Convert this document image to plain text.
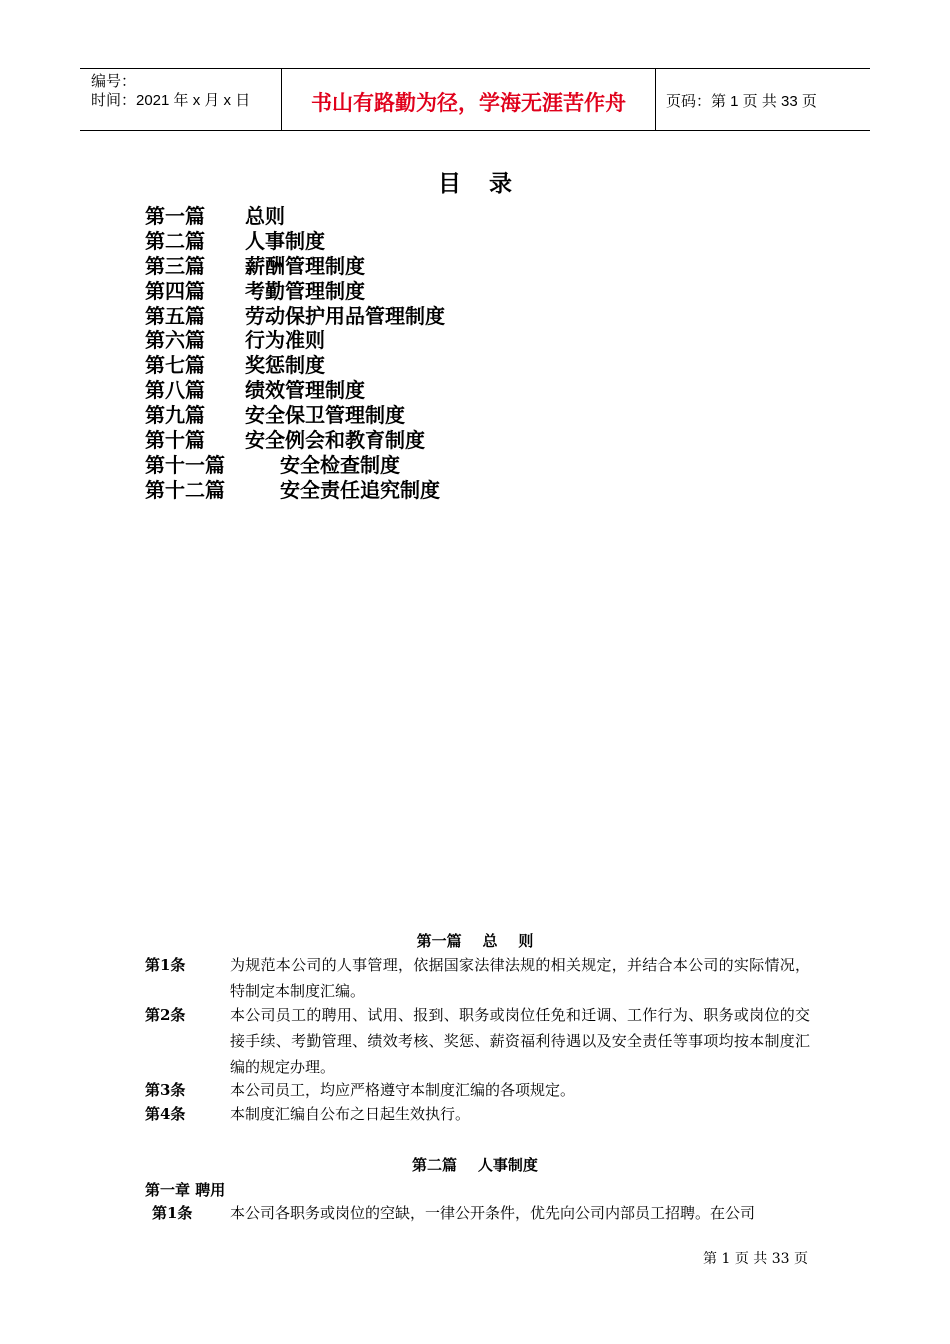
编号：
时间：2021 年 x 月 x 日	书山有路勤为径，学海无涯苦作舟	页码：第 1 页 共 33 页
目录
第一篇 总则
第二篇 人事制度
第三篇 薪酬管理制度
第四篇 考勤管理制度
第五篇 劳动保护用品管理制度
第六篇 行为准则
第七篇 奖惩制度
第八篇 绩效管理制度
第九篇 安全保卫管理制度
第十篇 安全例会和教育制度
第十一篇	安全检查制度
第十二篇	安全责任追究制度
第一篇    总    则
第1条	为规范本公司的人事管理，依据国家法律法规的相关规定，并结合本公司的实际情况，特制定本制度汇编。
第2条	本公司员工的聘用、试用、报到、职务或岗位任免和迁调、工作行为、职务或岗位的交接手续、考勤管理、绩效考核、奖惩、薪资福利待遇以及安全责任等事项均按本制度汇编的规定办理。
第3条	本公司员工，均应严格遵守本制度汇编的各项规定。
第4条	本制度汇编自公布之日起生效执行。
第二篇    人事制度
第一章 聘用
第1条	本公司各职务或岗位的空缺，一律公开条件，优先向公司内部员工招聘。在公司
第 1 页 共 33 页
